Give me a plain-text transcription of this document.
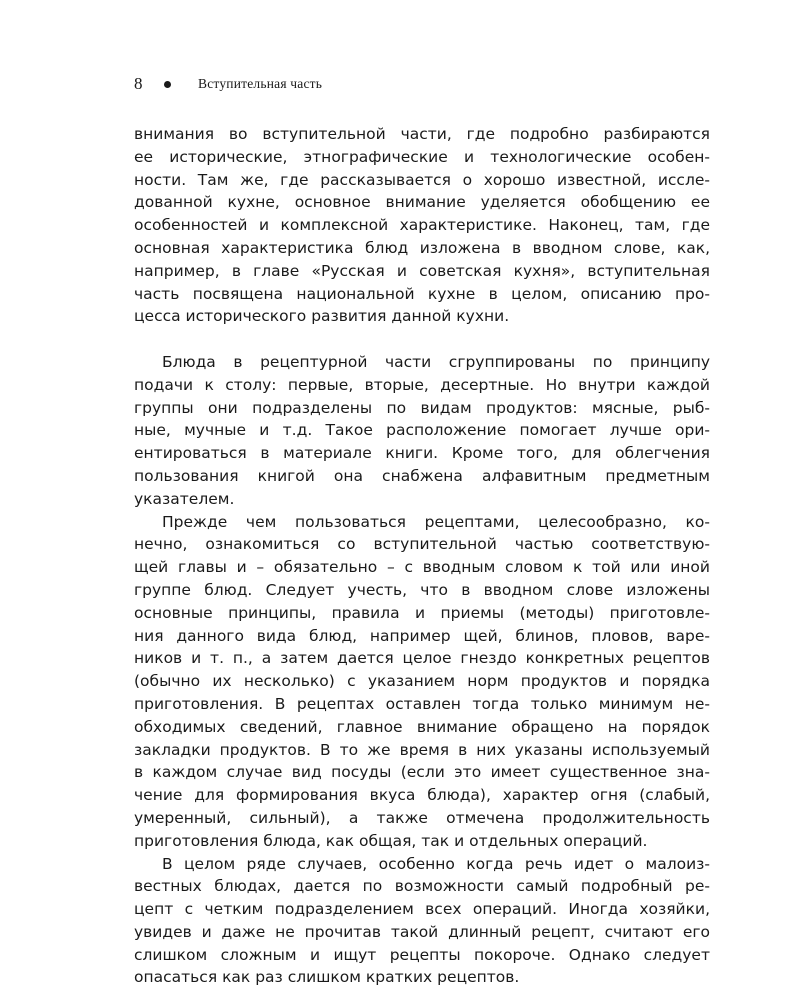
8	Вступительная часть
внимания во вступительной части, где подробно разбираются
ее исторические, этнографические и технологические особен-
ности. Там же, где рассказывается о хорошо известной, иссле-
дованной кухне, основное внимание уделяется обобщению ее
особенностей и комплексной характеристике. Наконец, там, где
основная характеристика блюд изложена в вводном слове, как,
например, в главе «Русская и советская кухня», вступительная
часть посвящена национальной кухне в целом, описанию про-
цесса исторического развития данной кухни.
Блюда в рецептурной части сгруппированы по принципу
подачи к столу: первые, вторые, десертные. Но внутри каждой
группы они подразделены по видам продуктов: мясные, рыб-
ные, мучные и т.д. Такое расположение помогает лучше ори-
ентироваться в материале книги. Кроме того, для облегчения
пользования книгой она снабжена алфавитным предметным
указателем.
Прежде чем пользоваться рецептами, целесообразно, ко-
нечно, ознакомиться со вступительной частью соответствую-
щей главы и – обязательно – с вводным словом к той или иной
группе блюд. Следует учесть, что в вводном слове изложены
основные принципы, правила и приемы (методы) приготовле-
ния данного вида блюд, например щей, блинов, пловов, варе-
ников и т. п., а затем дается целое гнездо конкретных рецептов
(обычно их несколько) с указанием норм продуктов и порядка
приготовления. В рецептах оставлен тогда только минимум не-
обходимых сведений, главное внимание обращено на порядок
закладки продуктов. В то же время в них указаны используемый
в каждом случае вид посуды (если это имеет существенное зна-
чение для формирования вкуса блюда), характер огня (слабый,
умеренный, сильный), а также отмечена продолжительность
приготовления блюда, как общая, так и отдельных операций.
В целом ряде случаев, особенно когда речь идет о малоиз-
вестных блюдах, дается по возможности самый подробный ре-
цепт с четким подразделением всех операций. Иногда хозяйки,
увидев и даже не прочитав такой длинный рецепт, считают его
слишком сложным и ищут рецепты покороче. Однако следует
опасаться как раз слишком кратких рецептов.
